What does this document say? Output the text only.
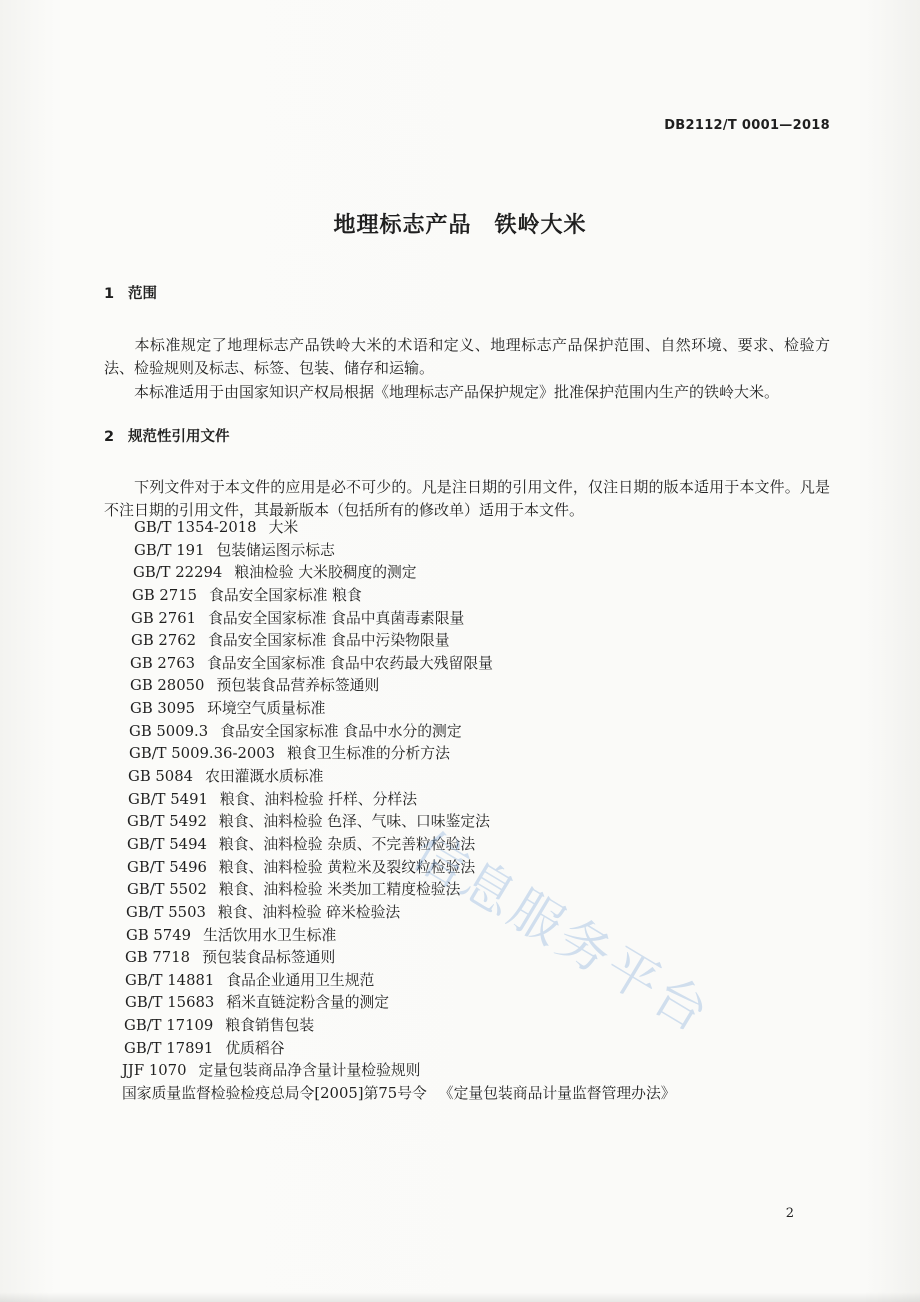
DB2112/T 0001—2018
地理标志产品　铁岭大米
1 范围
本标准规定了地理标志产品铁岭大米的术语和定义、地理标志产品保护范围、自然环境、要求、检验方法、检验规则及标志、标签、包装、储存和运输。
本标准适用于由国家知识产权局根据《地理标志产品保护规定》批准保护范围内生产的铁岭大米。
2 规范性引用文件
下列文件对于本文件的应用是必不可少的。凡是注日期的引用文件，仅注日期的版本适用于本文件。凡是不注日期的引用文件，其最新版本（包括所有的修改单）适用于本文件。
GB/T 1354-2018 大米
GB/T 191 包装储运图示标志
GB/T 22294 粮油检验 大米胶稠度的测定
GB 2715 食品安全国家标准 粮食
GB 2761 食品安全国家标准 食品中真菌毒素限量
GB 2762 食品安全国家标准 食品中污染物限量
GB 2763 食品安全国家标准 食品中农药最大残留限量
GB 28050 预包装食品营养标签通则
GB 3095 环境空气质量标准
GB 5009.3 食品安全国家标准 食品中水分的测定
GB/T 5009.36-2003 粮食卫生标准的分析方法
GB 5084 农田灌溉水质标准
GB/T 5491 粮食、油料检验 扦样、分样法
GB/T 5492 粮食、油料检验 色泽、气味、口味鉴定法
GB/T 5494 粮食、油料检验 杂质、不完善粒检验法
GB/T 5496 粮食、油料检验 黄粒米及裂纹粒检验法
GB/T 5502 粮食、油料检验 米类加工精度检验法
GB/T 5503 粮食、油料检验 碎米检验法
GB 5749 生活饮用水卫生标准
GB 7718 预包装食品标签通则
GB/T 14881 食品企业通用卫生规范
GB/T 15683 稻米直链淀粉含量的测定
GB/T 17109 粮食销售包装
GB/T 17891 优质稻谷
JJF 1070 定量包装商品净含量计量检验规则
国家质量监督检验检疫总局令[2005]第75号令 《定量包装商品计量监督管理办法》
信息服务平台
2
